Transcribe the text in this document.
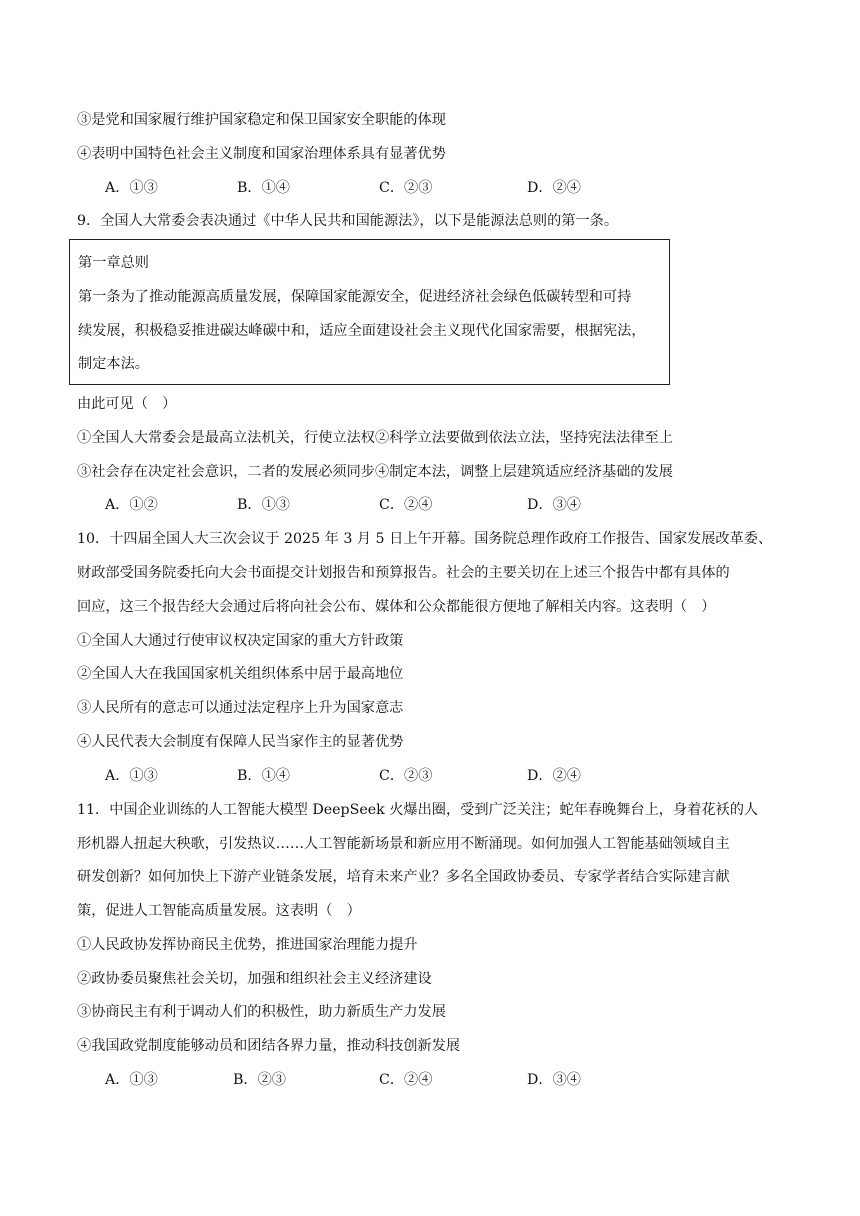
③是党和国家履行维护国家稳定和保卫国家安全职能的体现
④表明中国特色社会主义制度和国家治理体系具有显著优势
A．①③	B．①④	C．②③	D．②④
9．全国人大常委会表决通过《中华人民共和国能源法》，以下是能源法总则的第一条。
第一章总则
第一条为了推动能源高质量发展，保障国家能源安全，促进经济社会绿色低碳转型和可持
续发展，积极稳妥推进碳达峰碳中和，适应全面建设社会主义现代化国家需要，根据宪法，
制定本法。
由此可见（　）
①全国人大常委会是最高立法机关，行使立法权②科学立法要做到依法立法，坚持宪法法律至上
③社会存在决定社会意识，二者的发展必须同步④制定本法，调整上层建筑适应经济基础的发展
A．①②	B．①③	C．②④	D．③④
10．十四届全国人大三次会议于 2025 年 3 月 5 日上午开幕。国务院总理作政府工作报告、国家发展改革委、
财政部受国务院委托向大会书面提交计划报告和预算报告。社会的主要关切在上述三个报告中都有具体的
回应，这三个报告经大会通过后将向社会公布、媒体和公众都能很方便地了解相关内容。这表明（　）
①全国人大通过行使审议权决定国家的重大方针政策
②全国人大在我国国家机关组织体系中居于最高地位
③人民所有的意志可以通过法定程序上升为国家意志
④人民代表大会制度有保障人民当家作主的显著优势
A．①③	B．①④	C．②③	D．②④
11．中国企业训练的人工智能大模型 DeepSeek 火爆出圈，受到广泛关注；蛇年春晚舞台上，身着花袄的人
形机器人扭起大秧歌，引发热议……人工智能新场景和新应用不断涌现。如何加强人工智能基础领域自主
研发创新？如何加快上下游产业链条发展，培育未来产业？多名全国政协委员、专家学者结合实际建言献
策，促进人工智能高质量发展。这表明（　）
①人民政协发挥协商民主优势，推进国家治理能力提升
②政协委员聚焦社会关切，加强和组织社会主义经济建设
③协商民主有利于调动人们的积极性，助力新质生产力发展
④我国政党制度能够动员和团结各界力量，推动科技创新发展
A．①③	B．②③	C．②④	D．③④
